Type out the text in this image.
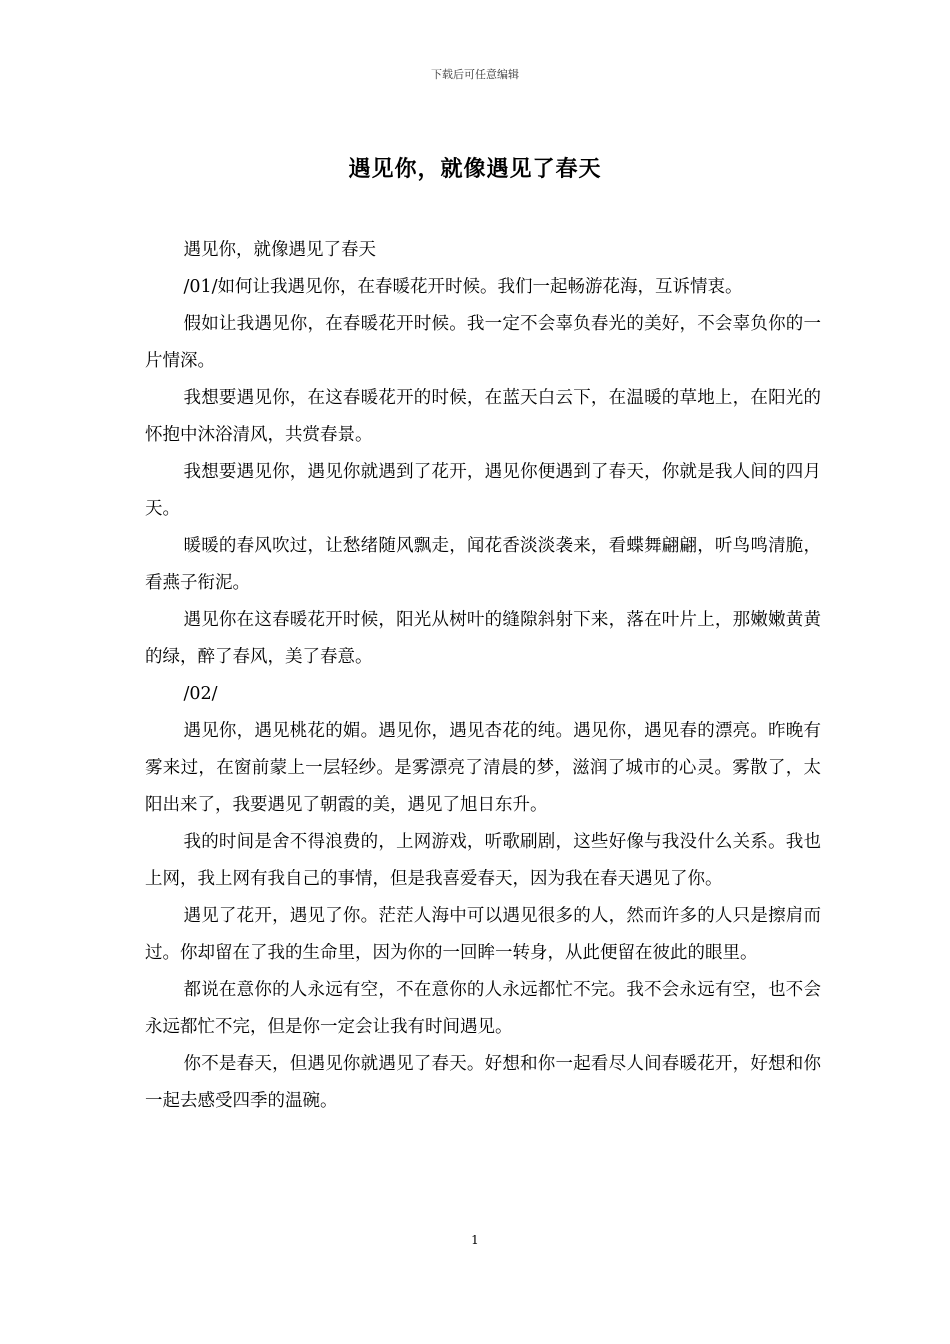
下载后可任意编辑
遇见你，就像遇见了春天

遇见你，就像遇见了春天

/01/如何让我遇见你，在春暖花开时候。我们一起畅游花海，互诉情衷。

假如让我遇见你，在春暖花开时候。我一定不会辜负春光的美好，不会辜负你的一片情深。

我想要遇见你，在这春暖花开的时候，在蓝天白云下，在温暖的草地上，在阳光的怀抱中沐浴清风，共赏春景。

我想要遇见你，遇见你就遇到了花开，遇见你便遇到了春天，你就是我人间的四月天。

暖暖的春风吹过，让愁绪随风飘走，闻花香淡淡袭来，看蝶舞翩翩，听鸟鸣清脆，看燕子衔泥。

遇见你在这春暖花开时候，阳光从树叶的缝隙斜射下来，落在叶片上，那嫩嫩黄黄的绿，醉了春风，美了春意。

/02/

遇见你，遇见桃花的媚。遇见你，遇见杏花的纯。遇见你，遇见春的漂亮。昨晚有雾来过，在窗前蒙上一层轻纱。是雾漂亮了清晨的梦，滋润了城市的心灵。雾散了，太阳出来了，我要遇见了朝霞的美，遇见了旭日东升。

我的时间是舍不得浪费的，上网游戏，听歌刷剧，这些好像与我没什么关系。我也上网，我上网有我自己的事情，但是我喜爱春天，因为我在春天遇见了你。

遇见了花开，遇见了你。茫茫人海中可以遇见很多的人，然而许多的人只是擦肩而过。你却留在了我的生命里，因为你的一回眸一转身，从此便留在彼此的眼里。

都说在意你的人永远有空，不在意你的人永远都忙不完。我不会永远有空，也不会永远都忙不完，但是你一定会让我有时间遇见。

你不是春天，但遇见你就遇见了春天。好想和你一起看尽人间春暖花开，好想和你一起去感受四季的温碗。

1
